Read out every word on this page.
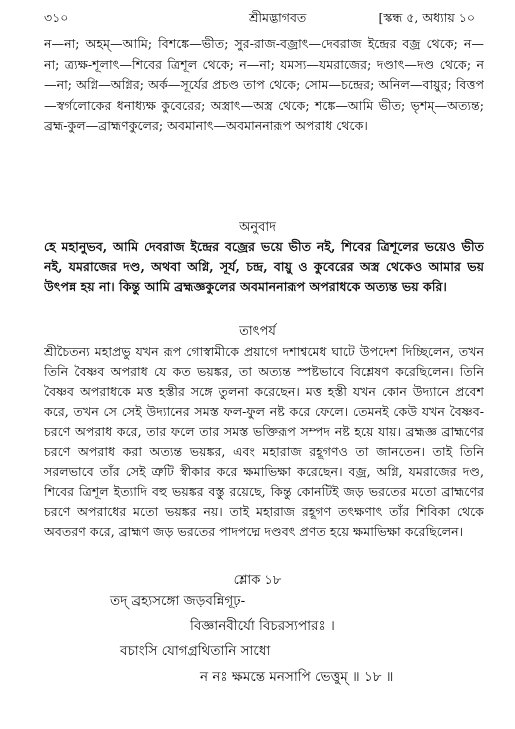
৩১০	শ্রীমদ্ভাগবত	[স্কন্ধ ৫, অধ্যায় ১০
ন—না; অহম্—আমি; বিশঙ্কে—ভীত; সুর-রাজ-বজ্রাৎ—দেবরাজ ইন্দ্রের বজ্র থেকে; ন—না; ত্র্যক্ষ-শূলাৎ—শিবের ত্রিশূল থেকে; ন—না; যমস্য—যমরাজের; দণ্ডাৎ—দণ্ড থেকে; ন—না; অগ্নি—অগ্নির; অর্ক—সূর্যের প্রচণ্ড তাপ থেকে; সোম—চন্দ্রের; অনিল—বায়ুর; বিত্তপ—স্বর্গলোকের ধনাধ্যক্ষ কুবেরের; অস্ত্রাৎ—অস্ত্র থেকে; শঙ্কে—আমি ভীত; ভৃশম্—অত্যন্ত; ব্রহ্ম-কুল—ব্রাহ্মণকুলের; অবমানাৎ—অবমাননারূপ অপরাধ থেকে।
অনুবাদ
হে মহানুভব, আমি দেবরাজ ইন্দ্রের বজ্রের ভয়ে ভীত নই, শিবের ত্রিশূলের ভয়েও ভীত নই, যমরাজের দণ্ড, অথবা অগ্নি, সূর্য, চন্দ্র, বায়ু ও কুবেরের অস্ত্র থেকেও আমার ভয় উৎপন্ন হয় না। কিন্তু আমি ব্রহ্মজ্ঞকুলের অবমাননারূপ অপরাধকে অত্যন্ত ভয় করি।
তাৎপর্য
শ্রীচৈতন্য মহাপ্রভু যখন রূপ গোস্বামীকে প্রয়াগে দশাশ্বমেধ ঘাটে উপদেশ দিচ্ছিলেন, তখন তিনি বৈষ্ণব অপরাধ যে কত ভয়ঙ্কর, তা অত্যন্ত স্পষ্টভাবে বিশ্লেষণ করেছিলেন। তিনি বৈষ্ণব অপরাধকে মত্ত হস্তীর সঙ্গে তুলনা করেছেন। মত্ত হস্তী যখন কোন উদ্যানে প্রবেশ করে, তখন সে সেই উদ্যানের সমস্ত ফল-ফুল নষ্ট করে ফেলে। তেমনই কেউ যখন বৈষ্ণব-চরণে অপরাধ করে, তার ফলে তার সমস্ত ভক্তিরূপ সম্পদ নষ্ট হয়ে যায়। ব্রহ্মজ্ঞ ব্রাহ্মণের চরণে অপরাধ করা অত্যন্ত ভয়ঙ্কর, এবং মহারাজ রহূগণও তা জানতেন। তাই তিনি সরলভাবে তাঁর সেই ত্রুটি স্বীকার করে ক্ষমাভিক্ষা করেছেন। বজ্র, অগ্নি, যমরাজের দণ্ড, শিবের ত্রিশূল ইত্যাদি বহু ভয়ঙ্কর বস্তু রয়েছে, কিন্তু কোনটিই জড় ভরতের মতো ব্রাহ্মণের চরণে অপরাধের মতো ভয়ঙ্কর নয়। তাই মহারাজ রহূগণ তৎক্ষণাৎ তাঁর শিবিকা থেকে অবতরণ করে, ব্রাহ্মণ জড় ভরতের পাদপদ্মে দণ্ডবৎ প্রণত হয়ে ক্ষমাভিক্ষা করেছিলেন।
শ্লোক ১৮
তদ্ ব্রহ্যসঙ্গো জড়বন্নিগূঢ়-
বিজ্ঞানবীর্যো বিচরস্যপারঃ ।
বচাংসি যোগগ্রথিতানি সাধো
ন নঃ ক্ষমন্তে মনসাপি ভেত্তুম্ ॥ ১৮ ॥
